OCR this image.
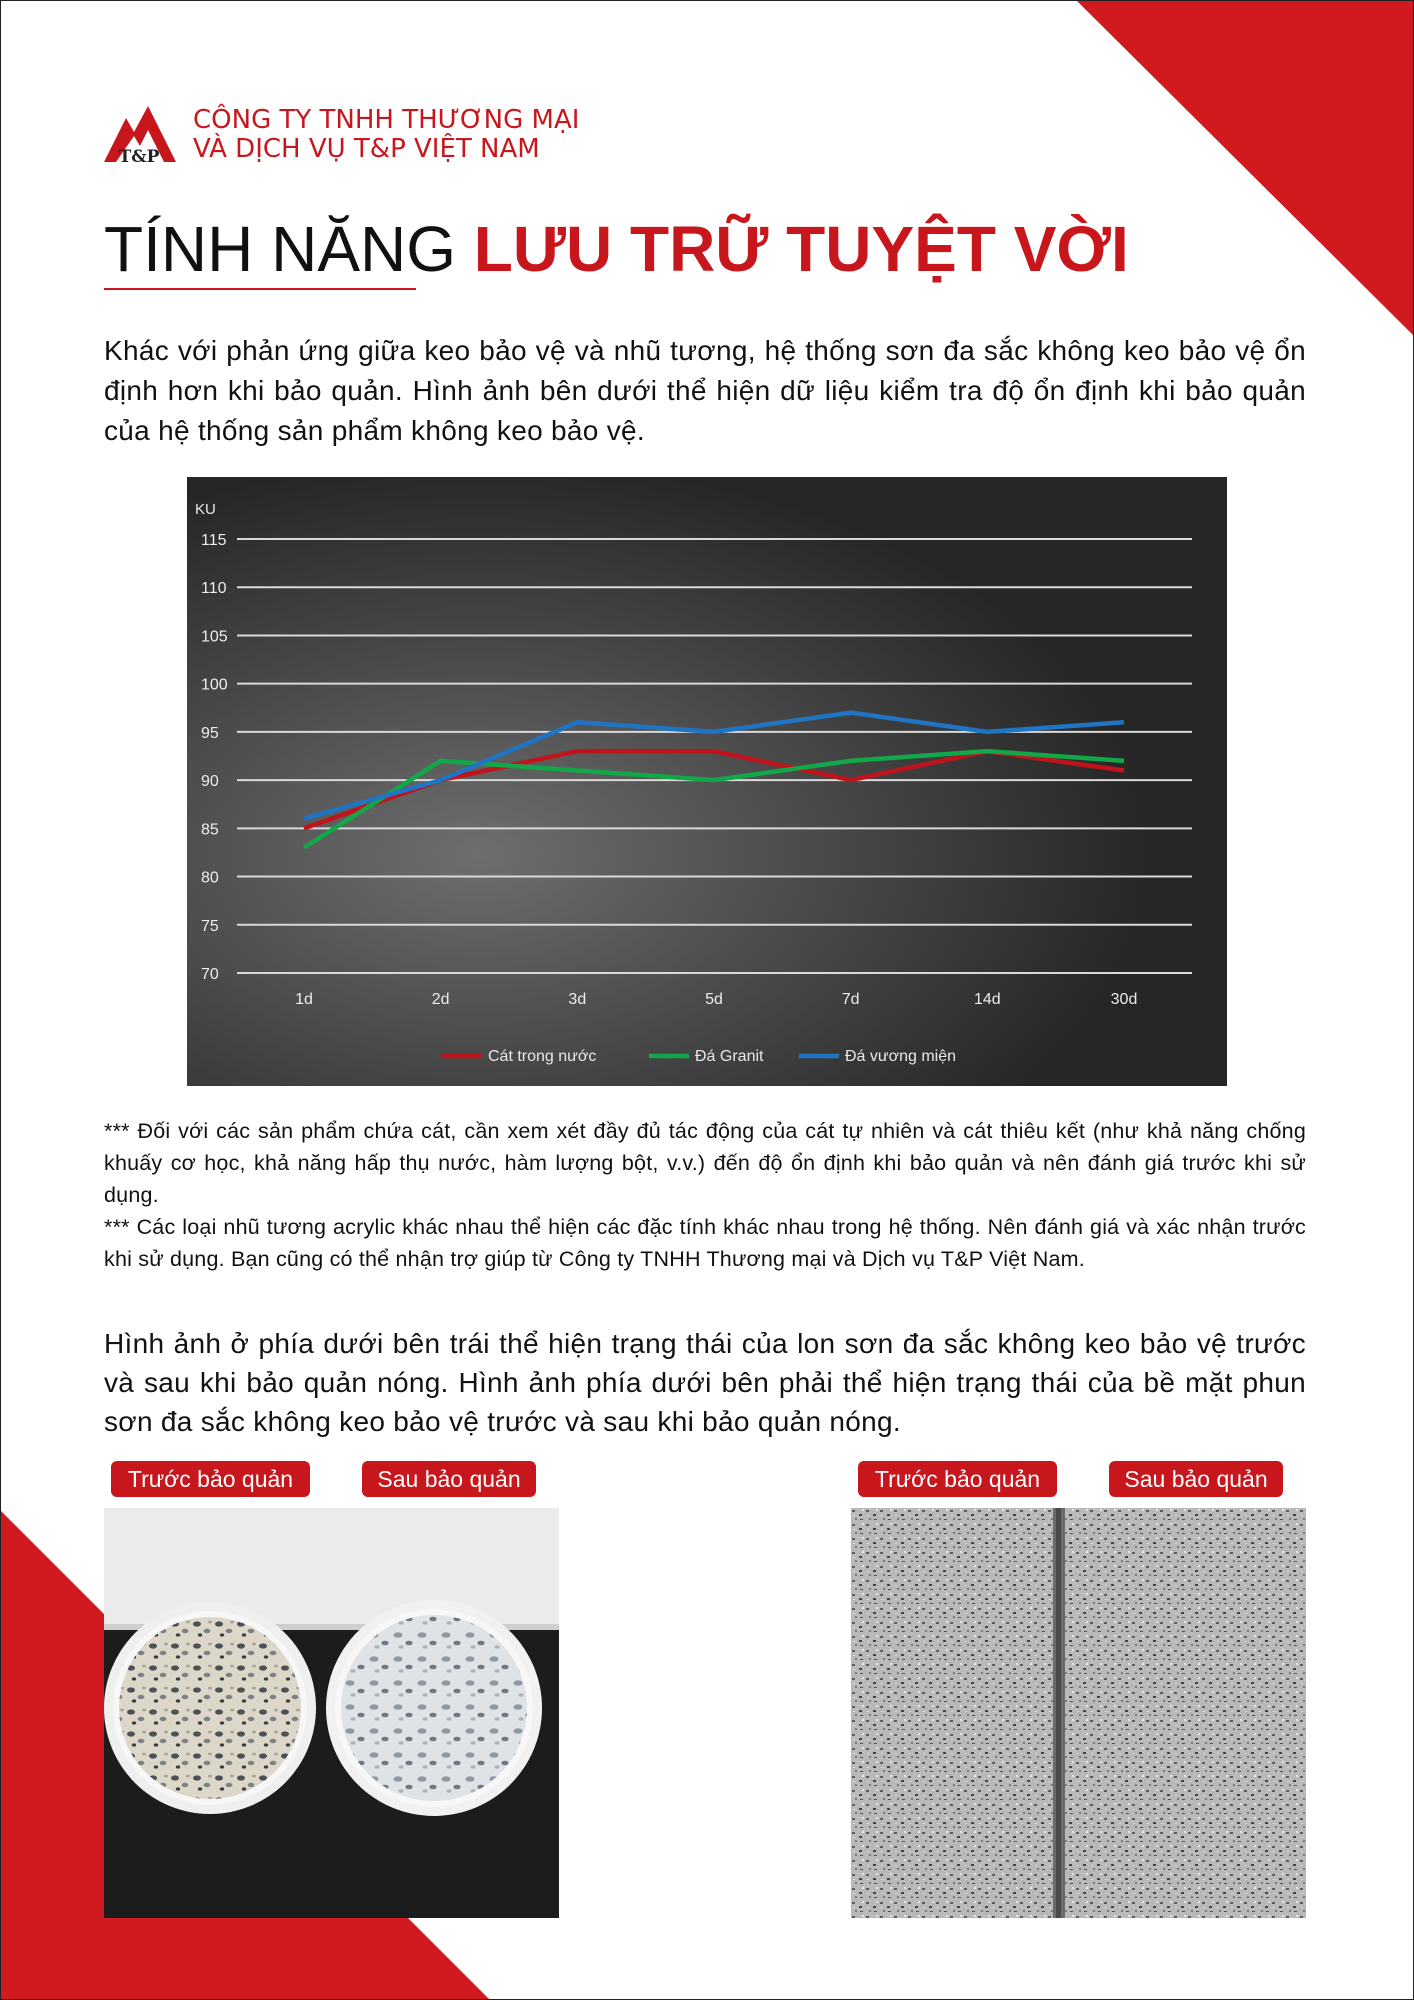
T&P
CÔNG TY TNHH THƯƠNG MẠI
VÀ DỊCH VỤ T&P VIỆT NAM
TÍNH NĂNG LƯU TRỮ TUYỆT VỜI
Khác với phản ứng giữa keo bảo vệ và nhũ tương, hệ thống sơn đa sắc không keo bảo vệ ổn định hơn khi bảo quản. Hình ảnh bên dưới thể hiện dữ liệu kiểm tra độ ổn định khi bảo quản của hệ thống sản phẩm không keo bảo vệ.
70
75
80
85
90
95
100
105
110
115
1d	2d	3d	5d	7d	14d	30d
Cát trong nước	Đá Granit	Đá vương miện
KU

*** Đối với các sản phẩm chứa cát, cần xem xét đầy đủ tác động của cát tự nhiên và cát thiêu kết (như khả năng chống khuấy cơ học, khả năng hấp thụ nước, hàm lượng bột, v.v.) đến độ ổn định khi bảo quản và nên đánh giá trước khi sử dụng.

*** Các loại nhũ tương acrylic khác nhau thể hiện các đặc tính khác nhau trong hệ thống. Nên đánh giá và xác nhận trước khi sử dụng. Bạn cũng có thể nhận trợ giúp từ Công ty TNHH Thương mại và Dịch vụ T&P Việt Nam.

Hình ảnh ở phía dưới bên trái thể hiện trạng thái của lon sơn đa sắc không keo bảo vệ trước và sau khi bảo quản nóng. Hình ảnh phía dưới bên phải thể hiện trạng thái của bề mặt phun sơn đa sắc không keo bảo vệ trước và sau khi bảo quản nóng.
Trước bảo quản	Sau bảo quản	Trước bảo quản	Sau bảo quản
